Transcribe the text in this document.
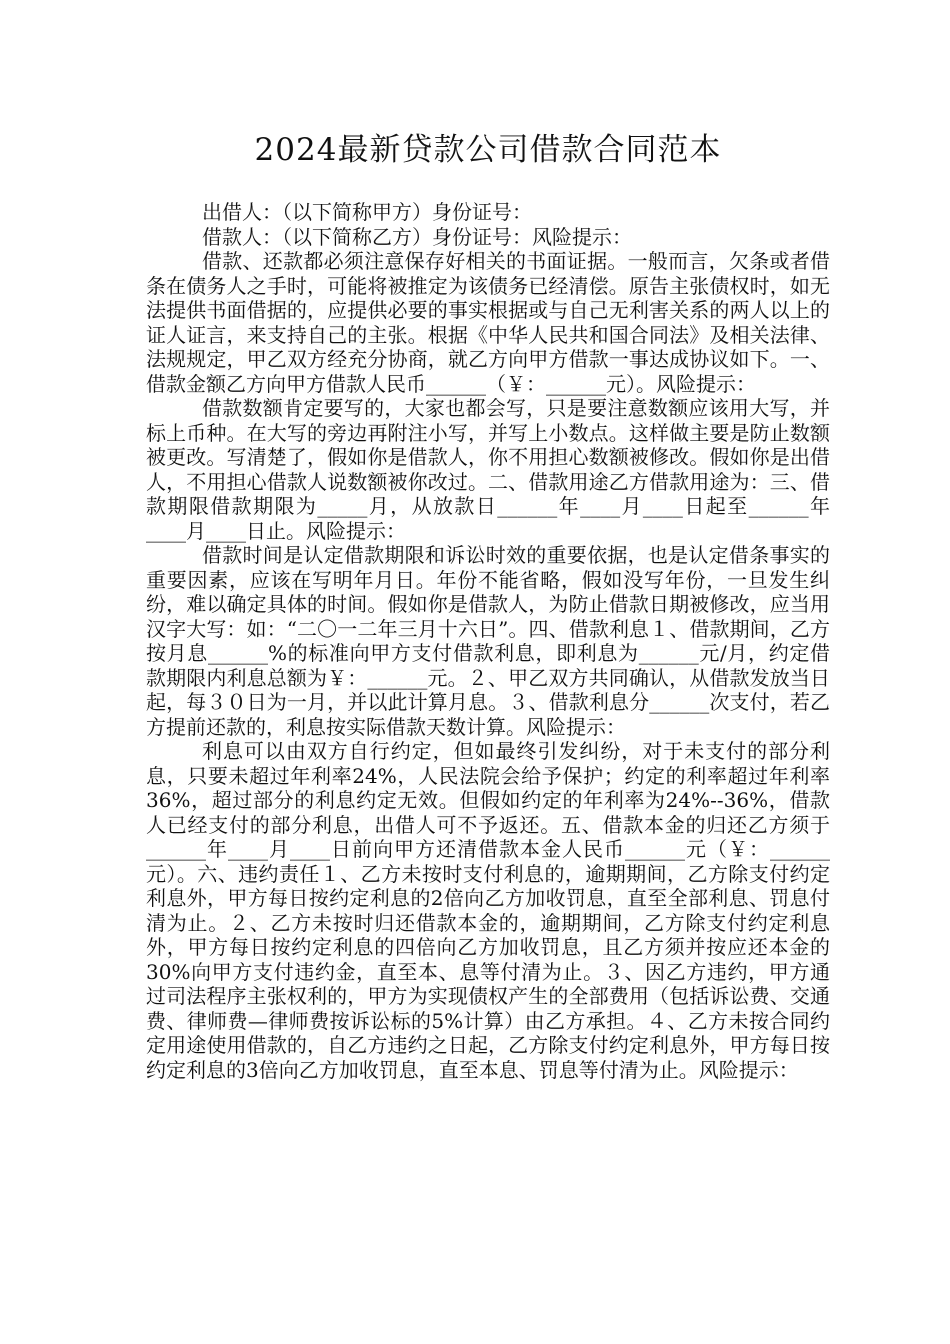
2024最新贷款公司借款合同范本

出借人：（以下简称甲方）身份证号：

借款人：（以下简称乙方）身份证号：风险提示：

借款、还款都必须注意保存好相关的书面证据。一般而言，欠条或者借条在债务人之手时，可能将被推定为该债务已经清偿。原告主张债权时，如无法提供书面借据的，应提供必要的事实根据或与自己无利害关系的两人以上的证人证言，来支持自己的主张。根据《中华人民共和国合同法》及相关法律、法规规定，甲乙双方经充分协商，就乙方向甲方借款一事达成协议如下。一、借款金额乙方向甲方借款人民币______（￥：______元）。风险提示：

借款数额肯定要写的，大家也都会写，只是要注意数额应该用大写，并标上币种。在大写的旁边再附注小写，并写上小数点。这样做主要是防止数额被更改。写清楚了，假如你是借款人，你不用担心数额被修改。假如你是出借人，不用担心借款人说数额被你改过。二、借款用途乙方借款用途为：三、借款期限借款期限为_____月，从放款日______年____月____日起至______年____月____日止。风险提示：

借款时间是认定借款期限和诉讼时效的重要依据，也是认定借条事实的重要因素，应该在写明年月日。年份不能省略，假如没写年份，一旦发生纠纷，难以确定具体的时间。假如你是借款人，为防止借款日期被修改，应当用汉字大写：如：“二〇一二年三月十六日”。四、借款利息１、借款期间，乙方按月息______%的标准向甲方支付借款利息，即利息为______元/月，约定借款期限内利息总额为￥：______元。２、甲乙双方共同确认，从借款发放当日起，每３０日为一月，并以此计算月息。３、借款利息分______次支付，若乙方提前还款的，利息按实际借款天数计算。风险提示：

利息可以由双方自行约定，但如最终引发纠纷，对于未支付的部分利息，只要未超过年利率24%，人民法院会给予保护；约定的利率超过年利率36%，超过部分的利息约定无效。但假如约定的年利率为24%--36%，借款人已经支付的部分利息，出借人可不予返还。五、借款本金的归还乙方须于______年____月____日前向甲方还清借款本金人民币______元（￥：______元）。六、违约责任１、乙方未按时支付利息的，逾期期间，乙方除支付约定利息外，甲方每日按约定利息的2倍向乙方加收罚息，直至全部利息、罚息付清为止。２、乙方未按时归还借款本金的，逾期期间，乙方除支付约定利息外，甲方每日按约定利息的四倍向乙方加收罚息，且乙方须并按应还本金的30%向甲方支付违约金，直至本、息等付清为止。３、因乙方违约，甲方通过司法程序主张权利的，甲方为实现债权产生的全部费用（包括诉讼费、交通费、律师费—律师费按诉讼标的5%计算）由乙方承担。４、乙方未按合同约定用途使用借款的，自乙方违约之日起，乙方除支付约定利息外，甲方每日按约定利息的3倍向乙方加收罚息，直至本息、罚息等付清为止。风险提示：
